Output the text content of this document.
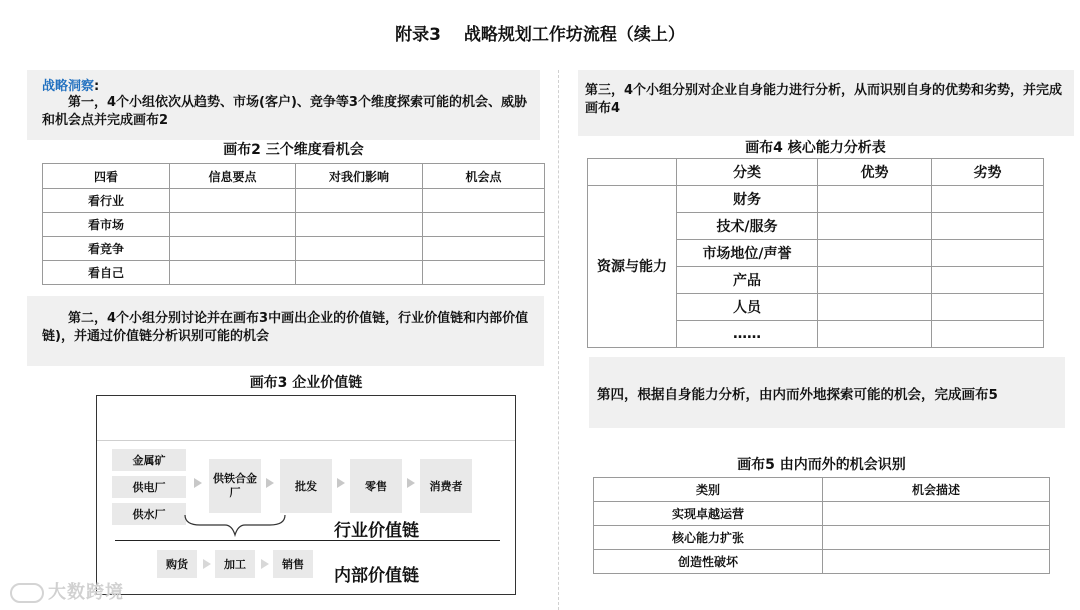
附录3　 战略规划工作坊流程（续上）
战略洞察:
　　第一，4个小组依次从趋势、市场(客户)、竞争等3个维度探索可能的机会、威胁和机会点并完成画布2
画布2 三个维度看机会
四看	信息要点	对我们影响	机会点
看行业			
看市场			
看竞争			
看自己			
　　第二，4个小组分别讨论并在画布3中画出企业的价值链，行业价值链和内部价值链)，并通过价值链分析识别可能的机会
画布3 企业价值链
金属矿
供电厂
供水厂
供铁合金厂	批发	零售	消费者
行业价值链
购货	加工	销售
内部价值链
第三，4个小组分别对企业自身能力进行分析，从而识别自身的优势和劣势，并完成画布4
画布4 核心能力分析表
	分类	优势	劣势
资源与能力	财务		
	技术/服务		
	市场地位/声誉		
	产品		
	人员		
	……		
第四，根据自身能力分析，由内而外地探索可能的机会，完成画布5
画布5 由内而外的机会识别
类别	机会描述
实现卓越运营	
核心能力扩张	
创造性破坏	
大数跨境
